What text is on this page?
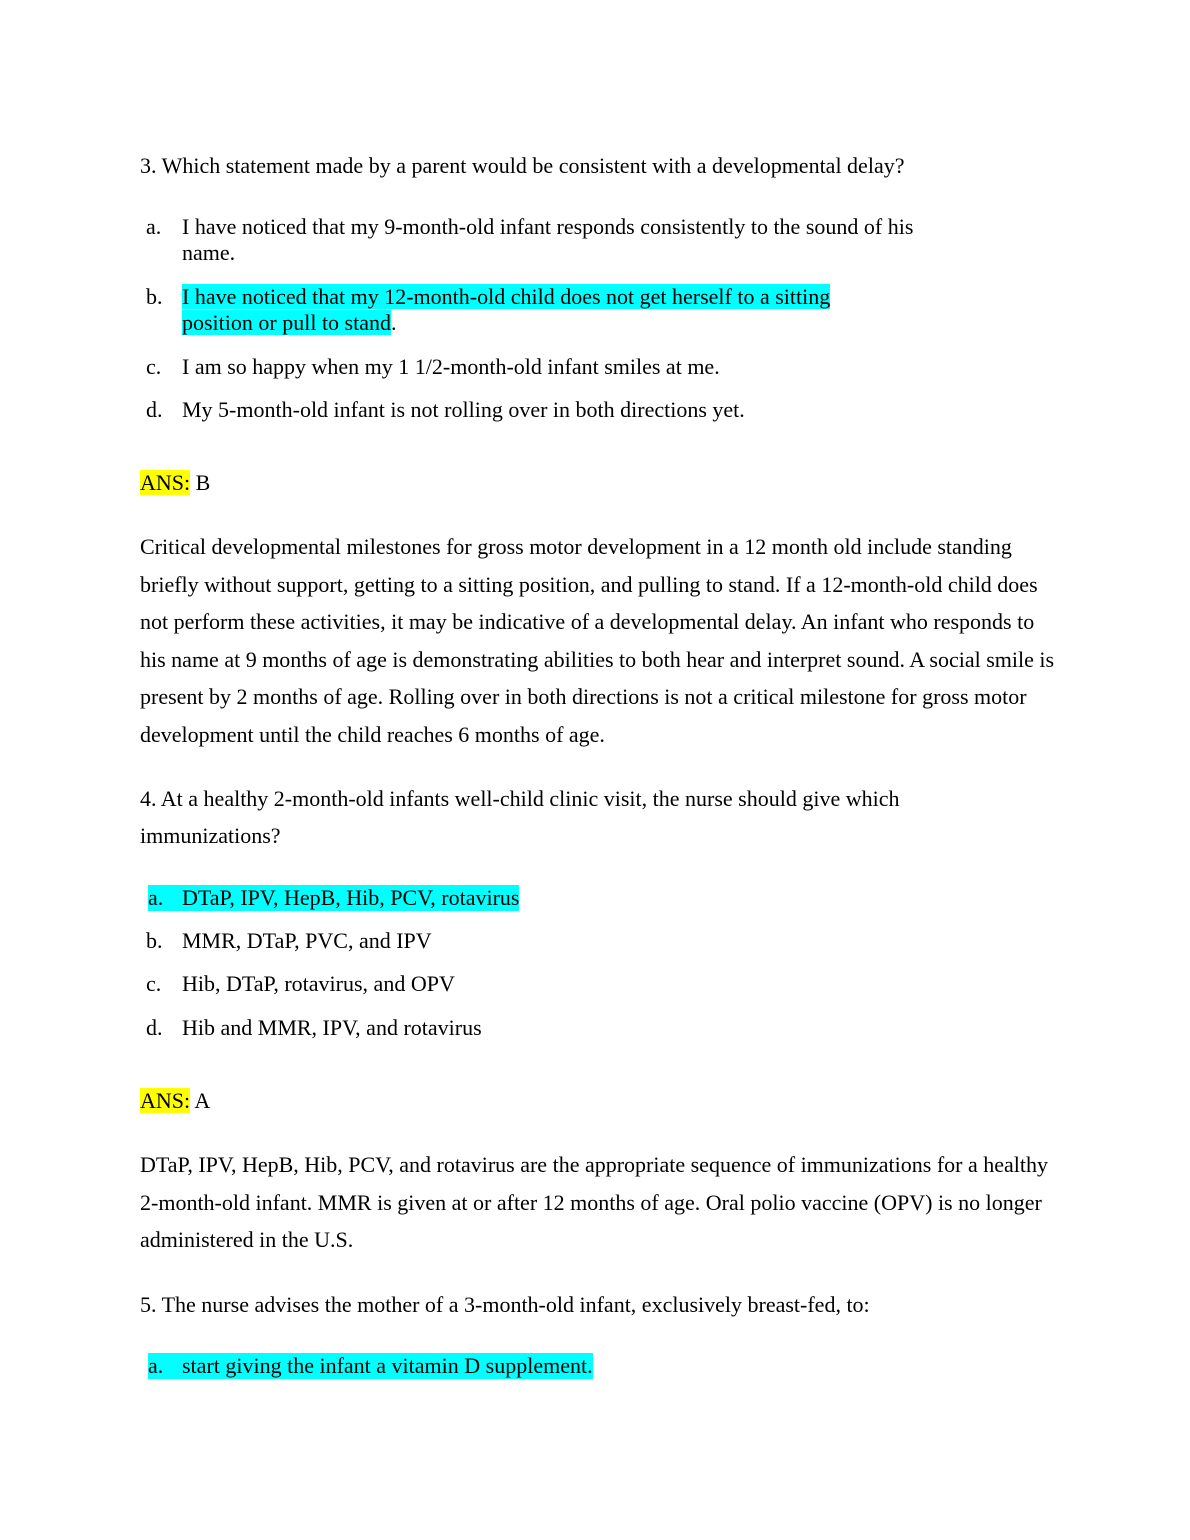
3. Which statement made by a parent would be consistent with a developmental delay?

a. I have noticed that my 9-month-old infant responds consistently to the sound of his name.
b. I have noticed that my 12-month-old child does not get herself to a sitting position or pull to stand.
c. I am so happy when my 1 1/2-month-old infant smiles at me.
d. My 5-month-old infant is not rolling over in both directions yet.
ANS: B

Critical developmental milestones for gross motor development in a 12 month old include standing briefly without support, getting to a sitting position, and pulling to stand. If a 12-month-old child does not perform these activities, it may be indicative of a developmental delay. An infant who responds to his name at 9 months of age is demonstrating abilities to both hear and interpret sound. A social smile is present by 2 months of age. Rolling over in both directions is not a critical milestone for gross motor development until the child reaches 6 months of age.

4. At a healthy 2-month-old infants well-child clinic visit, the nurse should give which immunizations?

a. DTaP, IPV, HepB, Hib, PCV, rotavirus
b. MMR, DTaP, PVC, and IPV
c. Hib, DTaP, rotavirus, and OPV
d. Hib and MMR, IPV, and rotavirus
ANS: A

DTaP, IPV, HepB, Hib, PCV, and rotavirus are the appropriate sequence of immunizations for a healthy 2-month-old infant. MMR is given at or after 12 months of age. Oral polio vaccine (OPV) is no longer administered in the U.S.

5. The nurse advises the mother of a 3-month-old infant, exclusively breast-fed, to:

a. start giving the infant a vitamin D supplement.
